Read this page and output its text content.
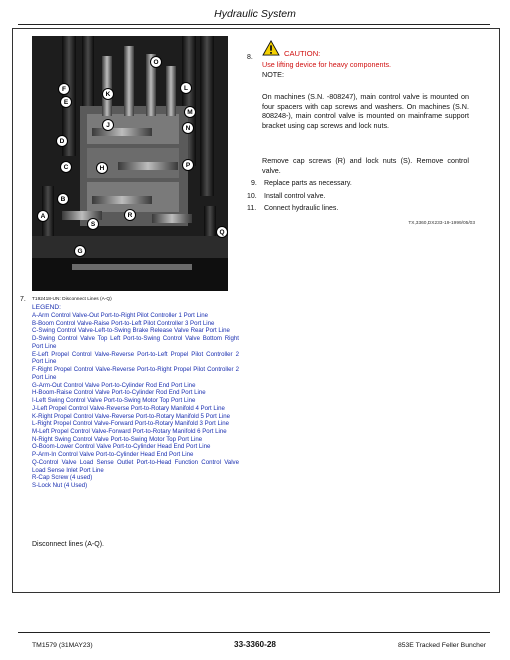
Hydraulic System
A
B
C
D
E
F
G
H
J
K
L
M
N
O
P
Q
R
S
8.	CAUTION:
Use lifting device for heavy components.
NOTE:
On machines (S.N. -808247), main control valve is mounted on four spacers with cap screws and washers. On machines (S.N. 808248-), main control valve is mounted on mainframe support bracket using cap screws and lock nuts.
Remove cap screws (R) and lock nuts (S). Remove control valve.
9. Replace parts as necessary.
10. Install control valve.
11. Connect hydraulic lines.
TX,3360,DX233-19-1999/05/03
7. T192418-UN: Disconnect Lines (A-Q)
LEGEND:
A-Arm Control Valve-Out Port-to-Right Pilot Controller 1 Port Line
B-Boom Control Valve-Raise Port-to-Left Pilot Controller 3 Port Line
C-Swing Control Valve-Left-to-Swing Brake Release Valve Rear Port Line
D-Swing Control Valve Top Left Port-to-Swing Control Valve Bottom Right Port Line
E-Left Propel Control Valve-Reverse Port-to-Left Propel Pilot Controller 2 Port Line
F-Right Propel Control Valve-Reverse Port-to-Right Propel Pilot Controller 2 Port Line
G-Arm-Out Control Valve Port-to-Cylinder Rod End Port Line
H-Boom-Raise Control Valve Port-to-Cylinder Rod End Port Line
I-Left Swing Control Valve Port-to-Swing Motor Top Port Line
J-Left Propel Control Valve-Reverse Port-to-Rotary Manifold 4 Port Line
K-Right Propel Control Valve-Reverse Port-to-Rotary Manifold 5 Port Line
L-Right Propel Control Valve-Forward Port-to-Rotary Manifold 3 Port Line
M-Left Propel Control Valve-Forward Port-to-Rotary Manifold 6 Port Line
N-Right Swing Control Valve Port-to-Swing Motor Top Port Line
O-Boom-Lower Control Valve Port-to-Cylinder Head End Port Line
P-Arm-In Control Valve Port-to-Cylinder Head End Port Line
Q-Control Valve Load Sense Outlet Port-to-Head Function Control Valve Load Sense Inlet Port Line
R-Cap Screw (4 used)
S-Lock Nut (4 Used)
Disconnect lines (A-Q).
TM1579 (31MAY23)	33-3360-28	853E Tracked Feller Buncher
